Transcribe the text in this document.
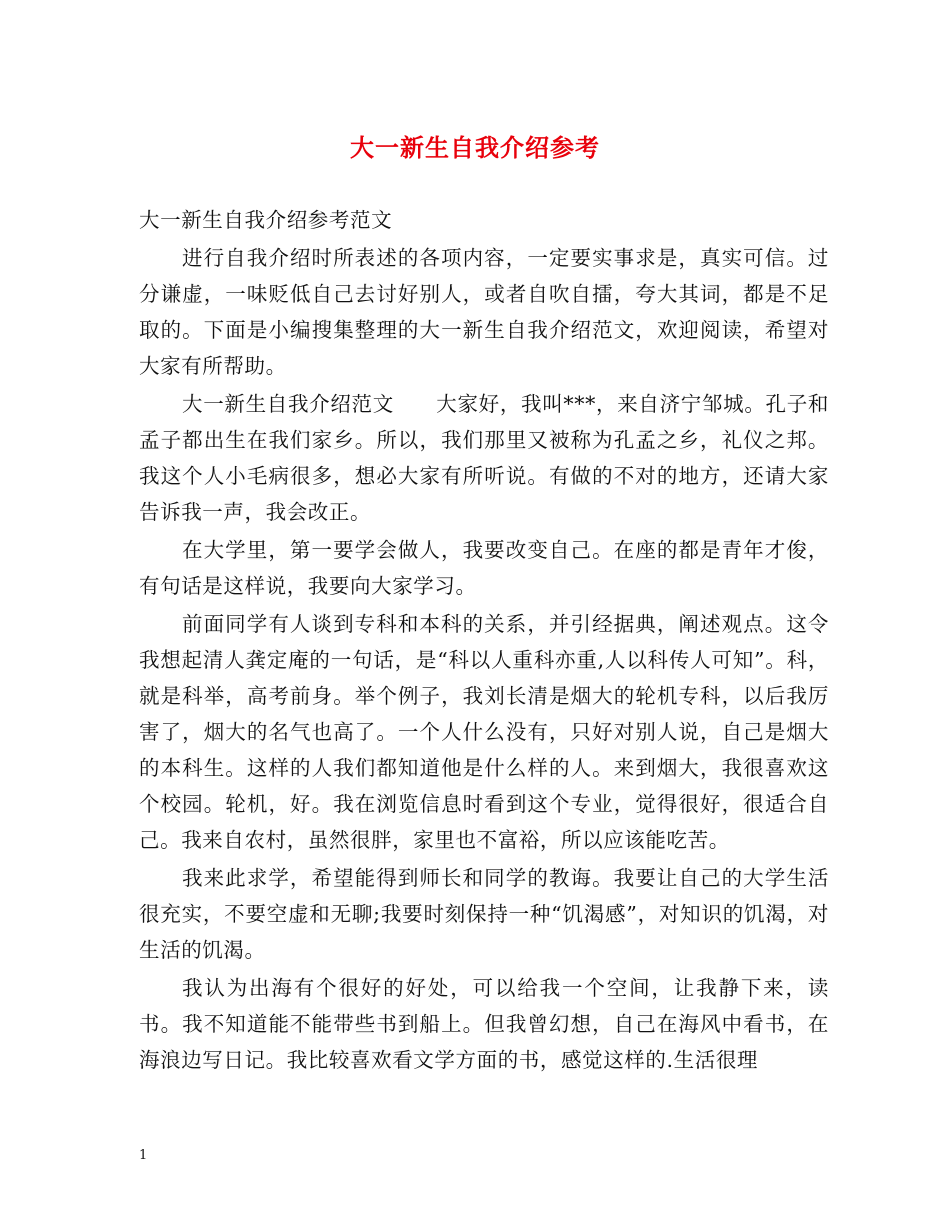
大一新生自我介绍参考

大一新生自我介绍参考范文

进行自我介绍时所表述的各项内容，一定要实事求是，真实可信。过分谦虚，一味贬低自己去讨好别人，或者自吹自擂，夸大其词，都是不足取的。下面是小编搜集整理的大一新生自我介绍范文，欢迎阅读，希望对大家有所帮助。

大一新生自我介绍范文　　大家好，我叫***，来自济宁邹城。孔子和孟子都出生在我们家乡。所以，我们那里又被称为孔孟之乡，礼仪之邦。我这个人小毛病很多，想必大家有所听说。有做的不对的地方，还请大家告诉我一声，我会改正。

在大学里，第一要学会做人，我要改变自己。在座的都是青年才俊，有句话是这样说，我要向大家学习。

前面同学有人谈到专科和本科的关系，并引经据典，阐述观点。这令我想起清人龚定庵的一句话，是“科以人重科亦重,人以科传人可知”。科，就是科举，高考前身。举个例子，我刘长清是烟大的轮机专科，以后我厉害了，烟大的名气也高了。一个人什么没有，只好对别人说，自己是烟大的本科生。这样的人我们都知道他是什么样的人。来到烟大，我很喜欢这个校园。轮机，好。我在浏览信息时看到这个专业，觉得很好，很适合自己。我来自农村，虽然很胖，家里也不富裕，所以应该能吃苦。

我来此求学，希望能得到师长和同学的教诲。我要让自己的大学生活很充实，不要空虚和无聊;我要时刻保持一种“饥渴感”，对知识的饥渴，对生活的饥渴。

我认为出海有个很好的好处，可以给我一个空间，让我静下来，读书。我不知道能不能带些书到船上。但我曾幻想，自己在海风中看书，在海浪边写日记。我比较喜欢看文学方面的书，感觉这样的.生活很理

1
